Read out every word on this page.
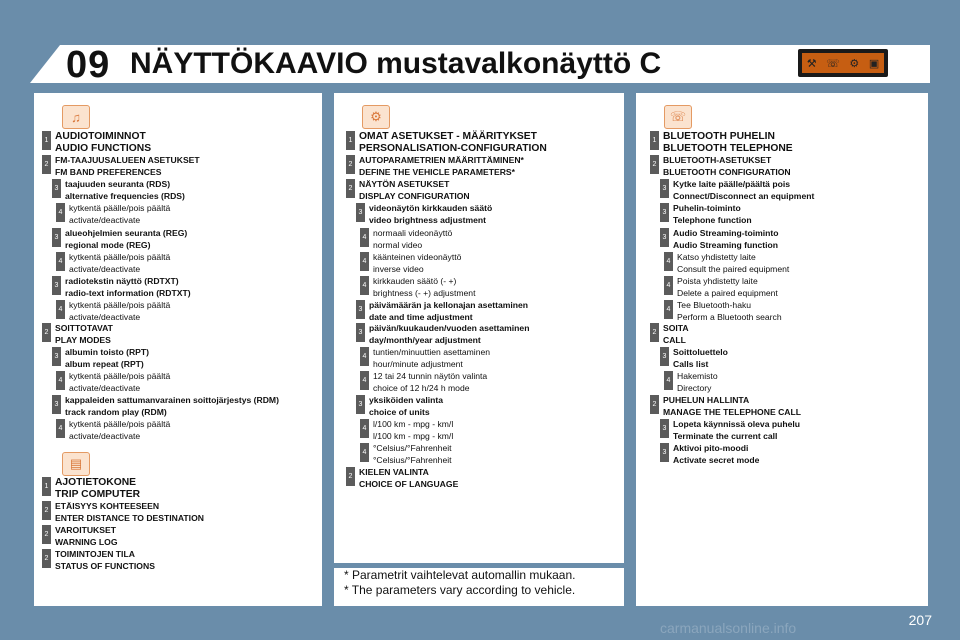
09 NÄYTTÖKAAVIO mustavalkonäyttö C	⚒ ☏ ⚙ ▣
♫
▤
⚙	☏
1 AUDIOTOIMINNOT
AUDIO FUNCTIONS
2 FM-TAAJUUSALUEEN ASETUKSET
FM BAND PREFERENCES
3 taajuuden seuranta (RDS)
alternative frequencies (RDS)
4 kytkentä päälle/pois päältä
activate/deactivate
3 alueohjelmien seuranta (REG)
regional mode (REG)
4 kytkentä päälle/pois päältä
activate/deactivate
3 radiotekstin näyttö (RDTXT)
radio-text information (RDTXT)
4 kytkentä päälle/pois päältä
activate/deactivate
2 SOITTOTAVAT
PLAY MODES
3 albumin toisto (RPT)
album repeat (RPT)
4 kytkentä päälle/pois päältä
activate/deactivate
3 kappaleiden sattumanvarainen soittojärjestys (RDM)
track random play (RDM)
4 kytkentä päälle/pois päältä
activate/deactivate
1 AJOTIETOKONE
TRIP COMPUTER
2 ETÄISYYS KOHTEESEEN
ENTER DISTANCE TO DESTINATION
2 VAROITUKSET
WARNING LOG
2 TOIMINTOJEN TILA
STATUS OF FUNCTIONS
1 OMAT ASETUKSET - MÄÄRITYKSET
PERSONALISATION-CONFIGURATION
2 AUTOPARAMETRIEN MÄÄRITTÄMINEN*
DEFINE THE VEHICLE PARAMETERS*
2 NÄYTÖN ASETUKSET
DISPLAY CONFIGURATION
3 videonäytön kirkkauden säätö
video brightness adjustment
4 normaali videonäyttö
normal video
4 käänteinen videonäyttö
inverse video
4 kirkkauden säätö (- +)
brightness (- +) adjustment
3 päivämäärän ja kellonajan asettaminen
date and time adjustment
3 päivän/kuukauden/vuoden asettaminen
day/month/year adjustment
4 tuntien/minuuttien asettaminen
hour/minute adjustment
4 12 tai 24 tunnin näytön valinta
choice of 12 h/24 h mode
3 yksiköiden valinta
choice of units
4 l/100 km - mpg - km/l
l/100 km - mpg - km/l
4 °Celsius/°Fahrenheit
°Celsius/°Fahrenheit
2 KIELEN VALINTA
CHOICE OF LANGUAGE
1 BLUETOOTH PUHELIN
BLUETOOTH TELEPHONE
2 BLUETOOTH-ASETUKSET
BLUETOOTH CONFIGURATION
3 Kytke laite päälle/päältä pois
Connect/Disconnect an equipment
3 Puhelin-toiminto
Telephone function
3 Audio Streaming-toiminto
Audio Streaming function
4 Katso yhdistetty laite
Consult the paired equipment
4 Poista yhdistetty laite
Delete a paired equipment
4 Tee Bluetooth-haku
Perform a Bluetooth search
2 SOITA
CALL
3 Soittoluettelo
Calls list
4 Hakemisto
Directory
2 PUHELUN HALLINTA
MANAGE THE TELEPHONE CALL
3 Lopeta käynnissä oleva puhelu
Terminate the current call
3 Aktivoi pito-moodi
Activate secret mode
* Parametrit vaihtelevat automallin mukaan.
* The parameters vary according to vehicle.
207
carmanualsonline.info
